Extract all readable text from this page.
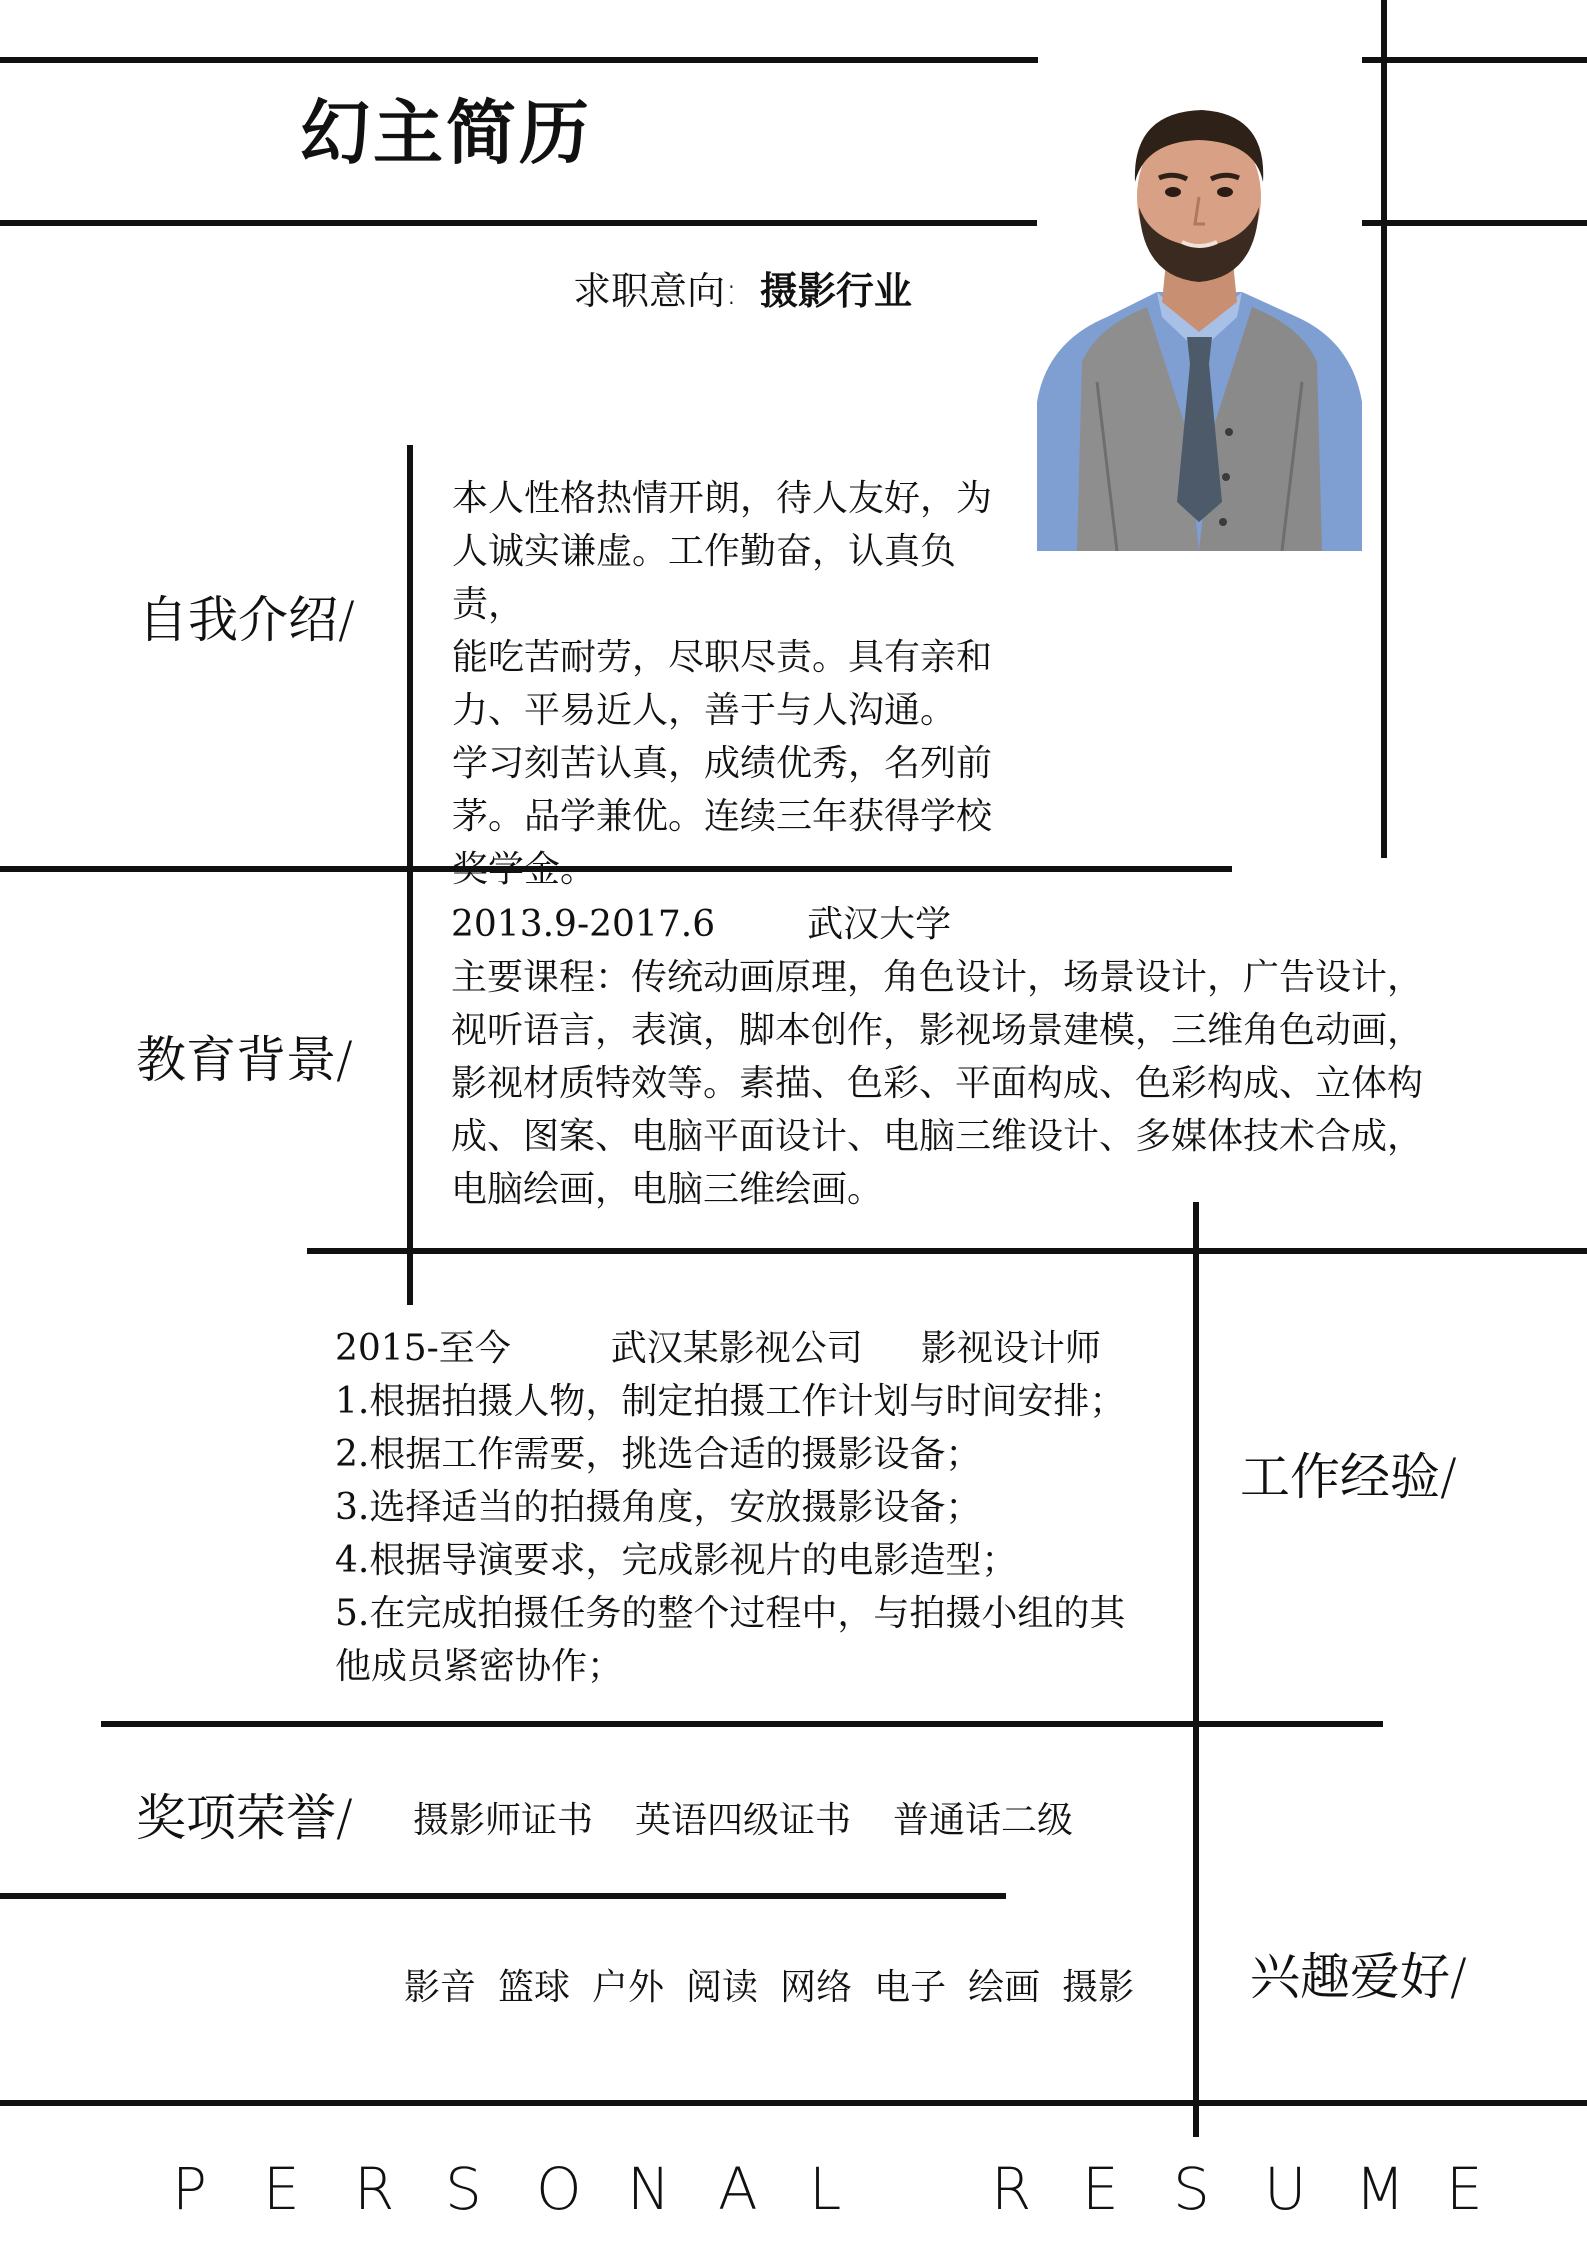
幻主简历
求职意向: 摄影行业
自我介绍/

本人性格热情开朗，待人友好，为

人诚实谦虚。工作勤奋，认真负责，

能吃苦耐劳，尽职尽责。具有亲和

力、平易近人，善于与人沟通。

学习刻苦认真，成绩优秀，名列前

茅。品学兼优。连续三年获得学校

奖学金。

教育背景/

2013.9-2017.6	武汉大学

主要课程：传统动画原理，角色设计，场景设计，广告设计，

视听语言，表演，脚本创作，影视场景建模，三维角色动画，

影视材质特效等。素描、色彩、平面构成、色彩构成、立体构

成、图案、电脑平面设计、电脑三维设计、多媒体技术合成，

电脑绘画，电脑三维绘画。

2015-至今	武汉某影视公司 影视设计师

1.根据拍摄人物，制定拍摄工作计划与时间安排；

2.根据工作需要，挑选合适的摄影设备；

3.选择适当的拍摄角度，安放摄影设备；

4.根据导演要求，完成影视片的电影造型；

5.在完成拍摄任务的整个过程中，与拍摄小组的其

他成员紧密协作；

工作经验/
奖项荣誉/ 摄影师证书 英语四级证书 普通话二级
影音 篮球 户外 阅读 网络 电子 绘画 摄影	兴趣爱好/
P E R S O N A L	R E S U M E
